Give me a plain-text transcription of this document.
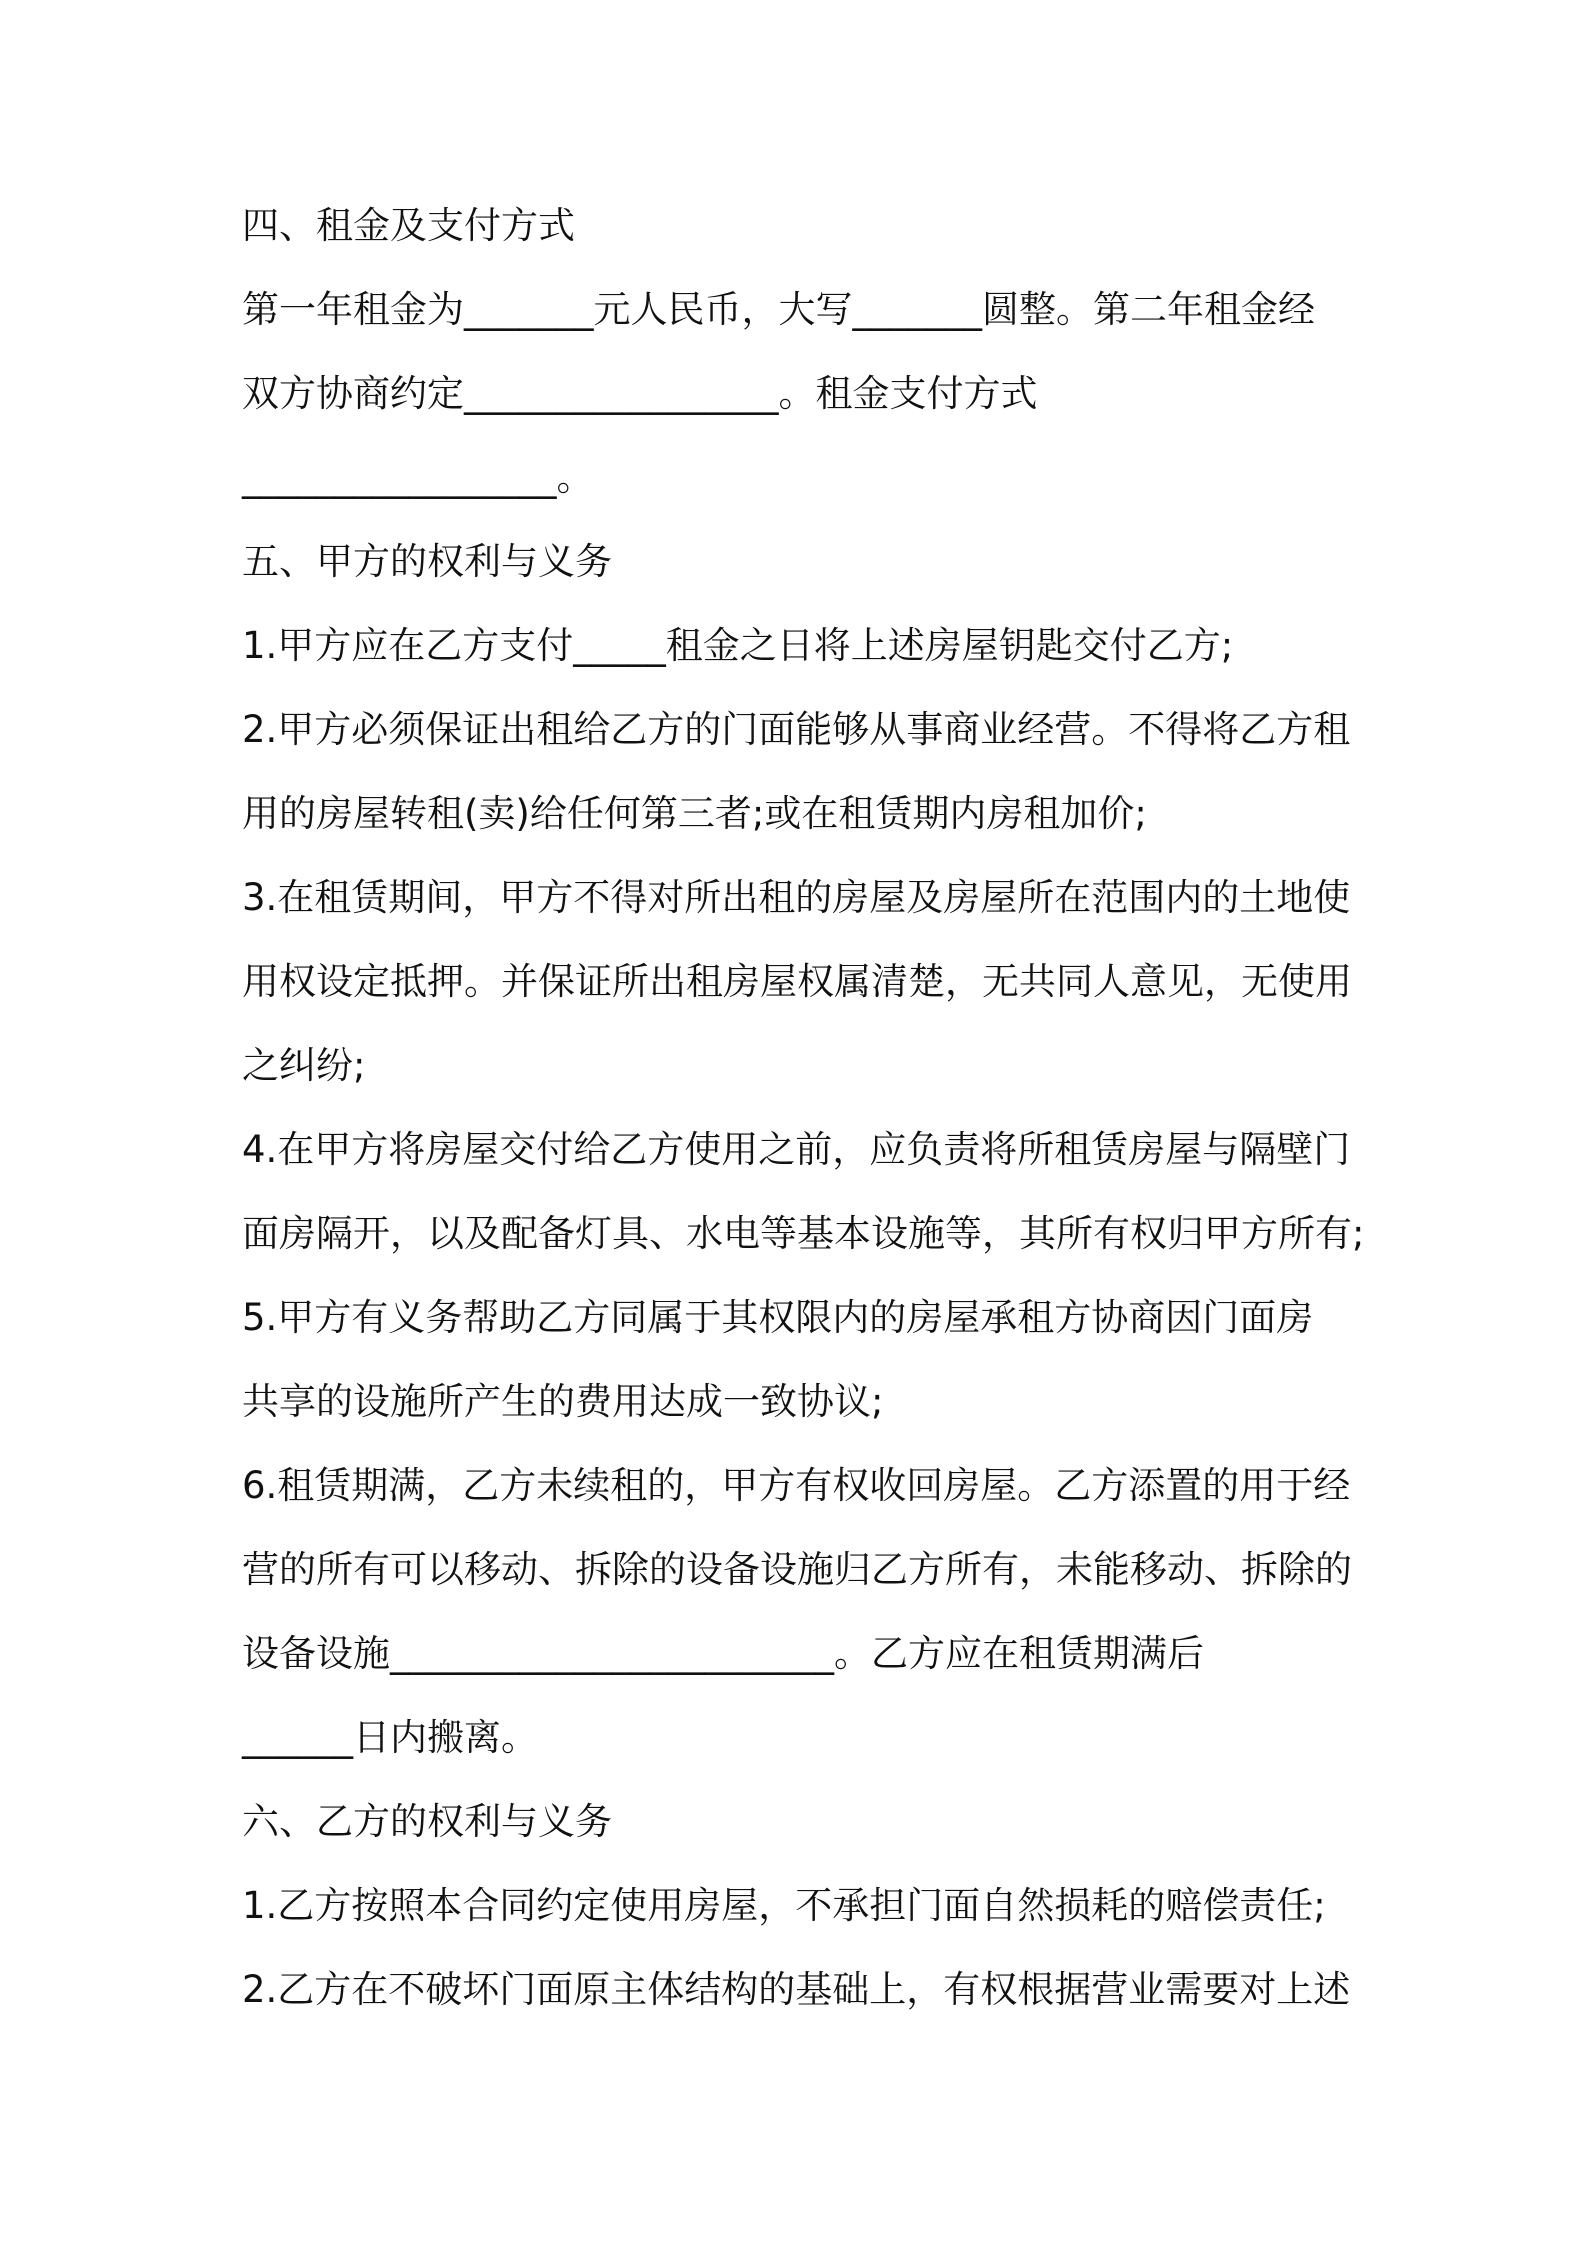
四、租金及支付方式
第一年租金为_______元人民币，大写_______圆整。第二年租金经
双方协商约定_________________。租金支付方式
_________________。
五、甲方的权利与义务
1.甲方应在乙方支付_____租金之日将上述房屋钥匙交付乙方;
2.甲方必须保证出租给乙方的门面能够从事商业经营。不得将乙方租
用的房屋转租(卖)给任何第三者;或在租赁期内房租加价;
3.在租赁期间，甲方不得对所出租的房屋及房屋所在范围内的土地使
用权设定抵押。并保证所出租房屋权属清楚，无共同人意见，无使用
之纠纷;
4.在甲方将房屋交付给乙方使用之前，应负责将所租赁房屋与隔壁门
面房隔开，以及配备灯具、水电等基本设施等，其所有权归甲方所有;
5.甲方有义务帮助乙方同属于其权限内的房屋承租方协商因门面房
共享的设施所产生的费用达成一致协议;
6.租赁期满，乙方未续租的，甲方有权收回房屋。乙方添置的用于经
营的所有可以移动、拆除的设备设施归乙方所有，未能移动、拆除的
设备设施________________________。乙方应在租赁期满后
______日内搬离。
六、乙方的权利与义务
1.乙方按照本合同约定使用房屋，不承担门面自然损耗的赔偿责任;
2.乙方在不破坏门面原主体结构的基础上，有权根据营业需要对上述
